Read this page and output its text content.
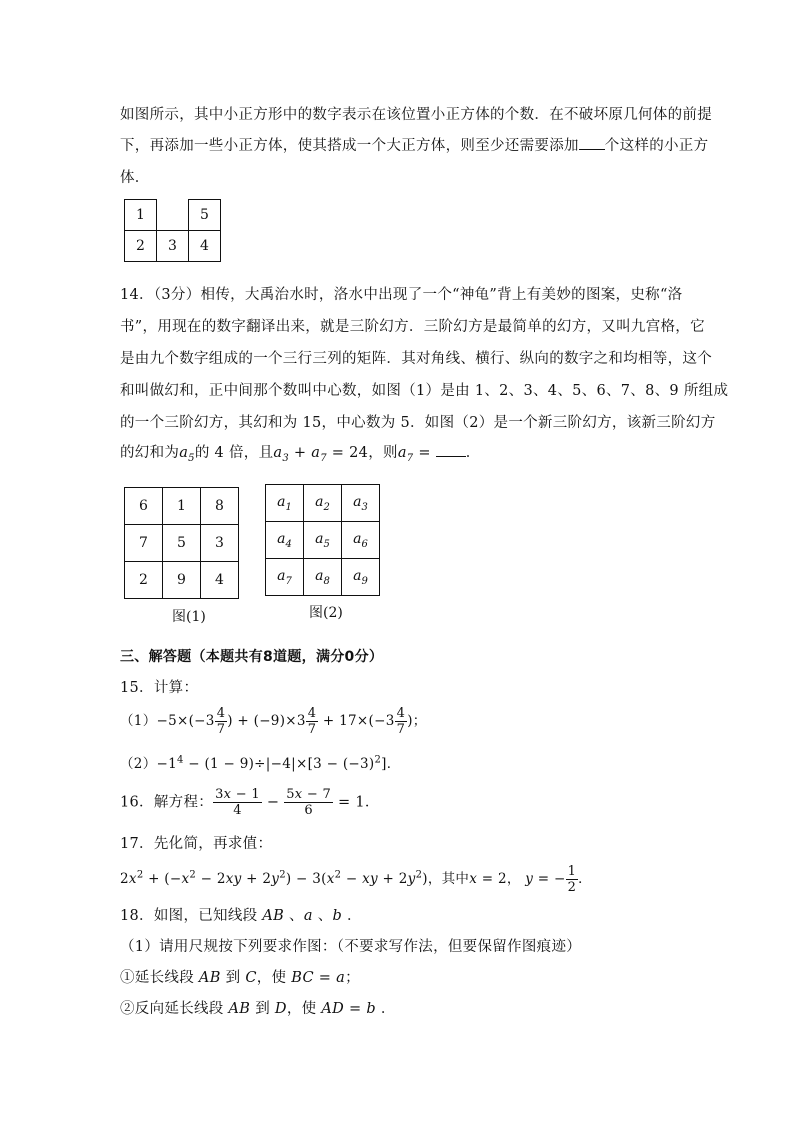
如图所示，其中小正方形中的数字表示在该位置小正方体的个数．在不破坏原几何体的前提
下，再添加一些小正方体，使其搭成一个大正方体，则至少还需要添加 个这样的小正方
体．
1		5
2	3	4
14．（3分）相传，大禹治水时，洛水中出现了一个“神龟”背上有美妙的图案，史称“洛
书”，用现在的数字翻译出来，就是三阶幻方．三阶幻方是最简单的幻方，又叫九宫格，它
是由九个数字组成的一个三行三列的矩阵．其对角线、横行、纵向的数字之和均相等，这个
和叫做幻和，正中间那个数叫中心数，如图（1）是由 1、2、3、4、5、6、7、8、9 所组成
的一个三阶幻方，其幻和为 15，中心数为 5．如图（2）是一个新三阶幻方，该新三阶幻方
的幻和为$a_5$的 4 倍，且$a_3 + a_7 = 24$，则$a_7$ = ．
6	1	8
7	5	3
2	9	4
图(1)
$a_1$	$a_2$	$a_3$
$a_4$	$a_5$	$a_6$
$a_7$	$a_8$	$a_9$
图(2)
三、解答题（本题共有8道题，满分0分）
15．计算：
$(1)-5\times(-3 \frac{4}{7}$ ) + $(-9)\times 3 \frac{4}{7} + 17\times(-3 \frac{4}{7}$ )；
$(2)-1^4 - (1 - 9)\div|-4|\times[3 - (-3)^2]$．
16．解方程： $\frac{3x - 1}{4} - \frac{5x - 7}{6} = 1$．
17．先化简，再求值：
$2x^2 + (-x^2 - 2xy + 2y^2) - 3(x^2$ − xy + $2y^2$)，其中x = 2， y = − $\frac{1}{2}$ ．
18．如图，已知线段 AB 、a 、b ．
（1）请用尺规按下列要求作图：（不要求写作法，但要保留作图痕迹）
①延长线段 AB 到 C，使 BC = a；
②反向延长线段 AB 到 D，使 AD = b ．
